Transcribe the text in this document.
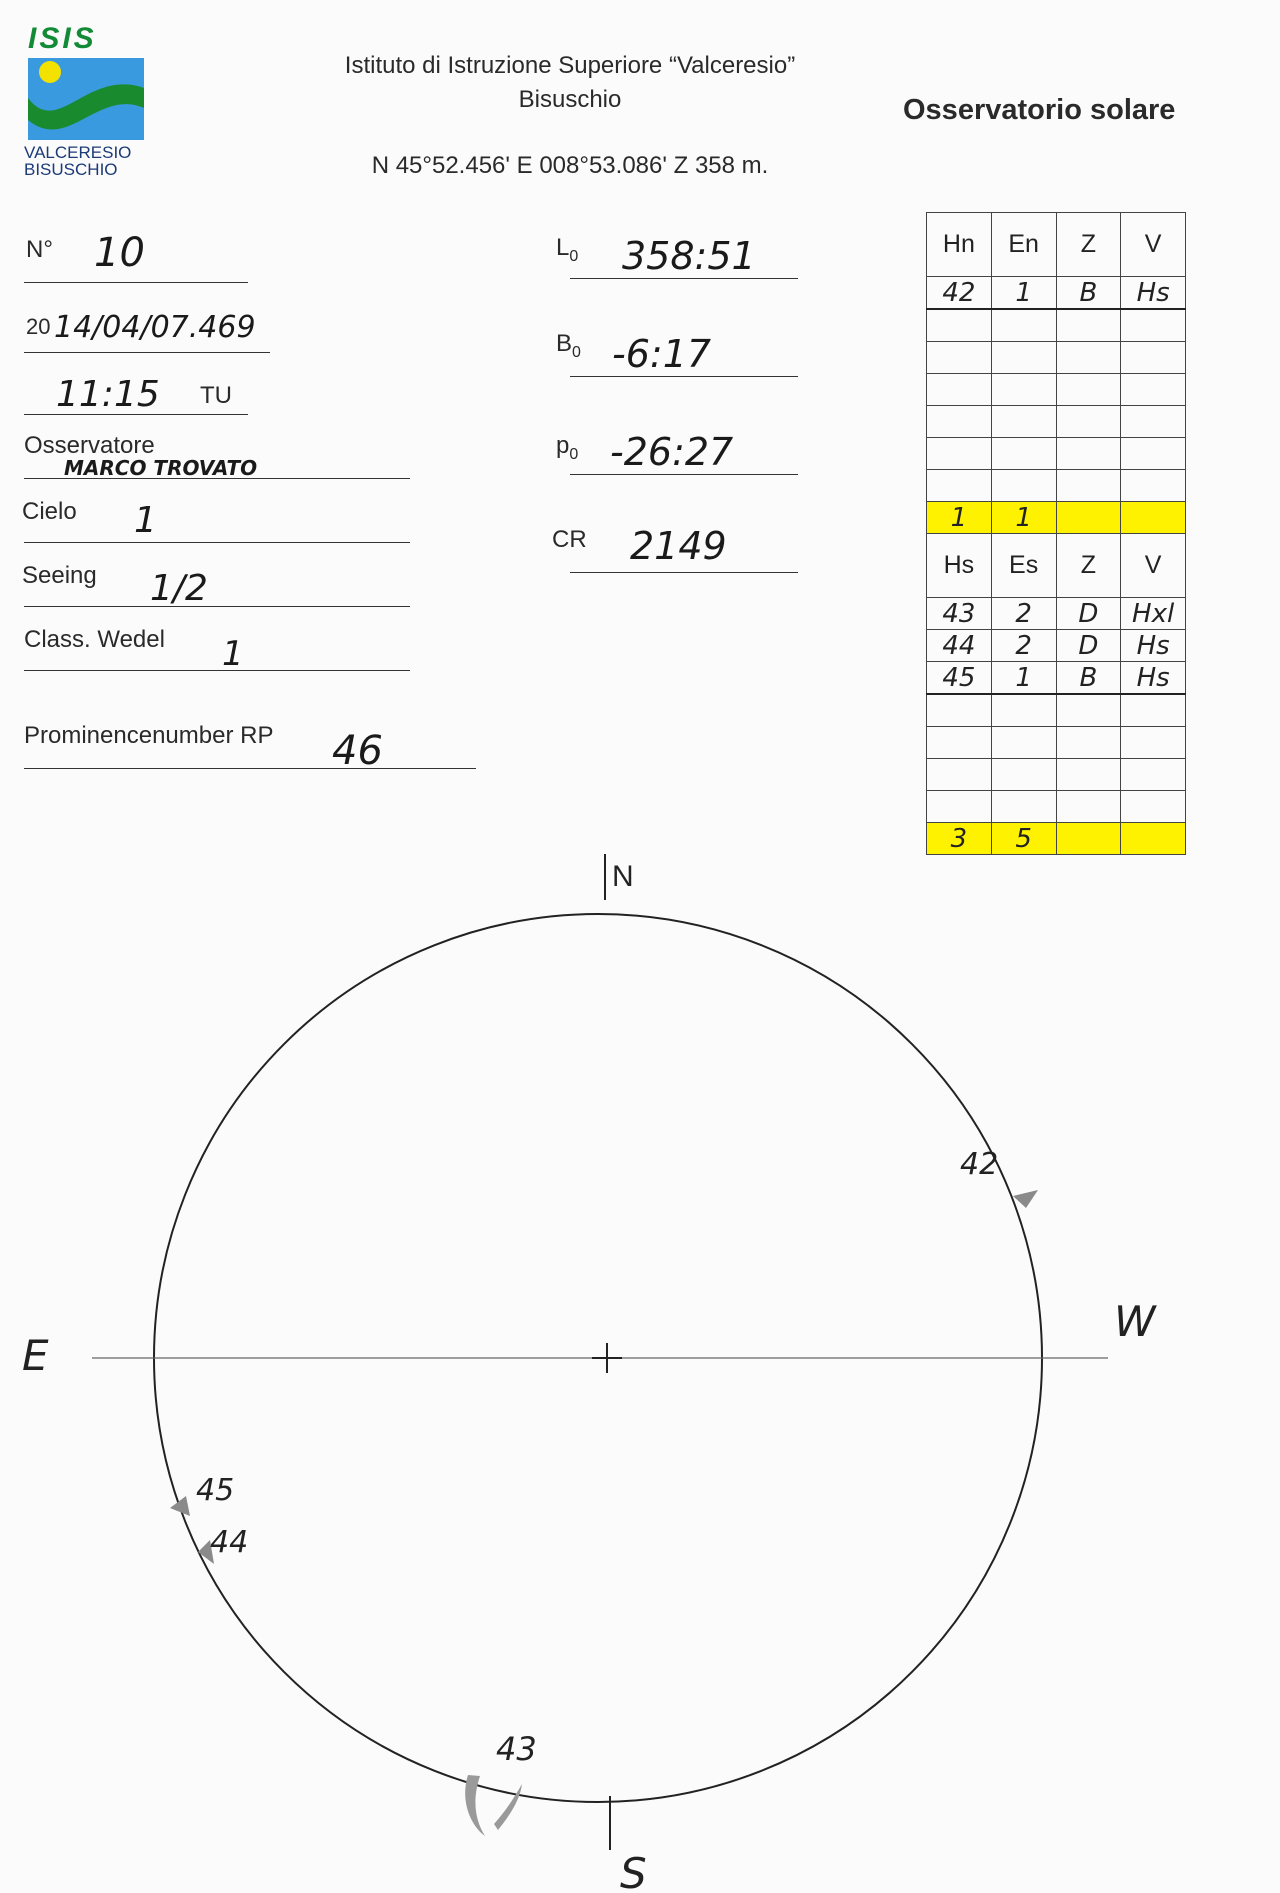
ISIS
VALCERESIO
BISUSCHIO
Istituto di Istruzione Superiore “Valceresio”
Bisuschio
N 45°52.456' E 008°53.086' Z 358 m.
Osservatorio solare
N° 10
20 14/04/07.469
11:15 TU
Osservatore
MARCO TROVATO
Cielo 1
Seeing 1/2
Class. Wedel 1
Prominencenumber RP 46
$L_0$ 358:51
$B_0$ -6:17
$p_0$ -26:27
CR 2149
Hn	En	Z	V
42	1	B	Hs

1	1		
Hs	Es	Z	V
43	2	D	Hxl
44	2	D	Hs
45	1	B	Hs

3	5		
N
S
E
W
42
43
44
45
